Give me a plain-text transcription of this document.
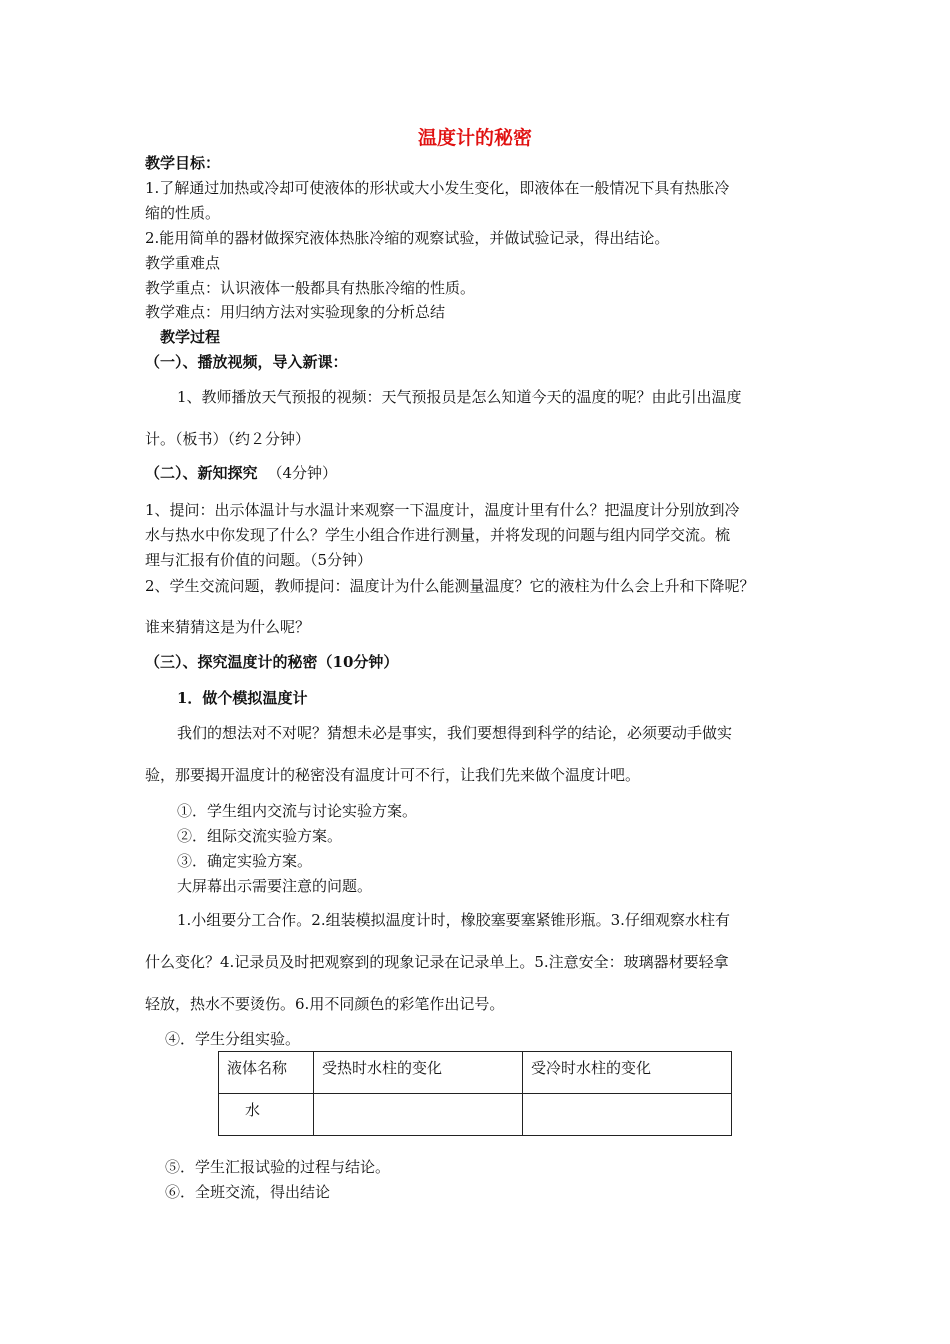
温度计的秘密
教学目标：
1.了解通过加热或冷却可使液体的形状或大小发生变化，即液体在一般情况下具有热胀冷
缩的性质。
2.能用简单的器材做探究液体热胀冷缩的观察试验，并做试验记录，得出结论。
教学重难点
教学重点：认识液体一般都具有热胀冷缩的性质。
教学难点：用归纳方法对实验现象的分析总结
教学过程
（一）、播放视频，导入新课：
1、教师播放天气预报的视频：天气预报员是怎么知道今天的温度的呢？由此引出温度
计。（板书）（约２分钟）
（二）、新知探究 （4分钟）
1、提问：出示体温计与水温计来观察一下温度计，温度计里有什么？把温度计分别放到冷
水与热水中你发现了什么？学生小组合作进行测量，并将发现的问题与组内同学交流。梳
理与汇报有价值的问题。（5分钟）
2、学生交流问题，教师提问：温度计为什么能测量温度？它的液柱为什么会上升和下降呢？
谁来猜猜这是为什么呢？
（三）、探究温度计的秘密（10分钟）
1．做个模拟温度计
我们的想法对不对呢？猜想未必是事实，我们要想得到科学的结论，必须要动手做实
验，那要揭开温度计的秘密没有温度计可不行，让我们先来做个温度计吧。
①．学生组内交流与讨论实验方案。
②．组际交流实验方案。
③．确定实验方案。
大屏幕出示需要注意的问题。
1.小组要分工合作。2.组装模拟温度计时，橡胶塞要塞紧锥形瓶。3.仔细观察水柱有
什么变化？4.记录员及时把观察到的现象记录在记录单上。5.注意安全：玻璃器材要轻拿
轻放，热水不要烫伤。6.用不同颜色的彩笔作出记号。
④．学生分组实验。
液体名称	受热时水柱的变化	受冷时水柱的变化
水		
⑤．学生汇报试验的过程与结论。
⑥．全班交流，得出结论
